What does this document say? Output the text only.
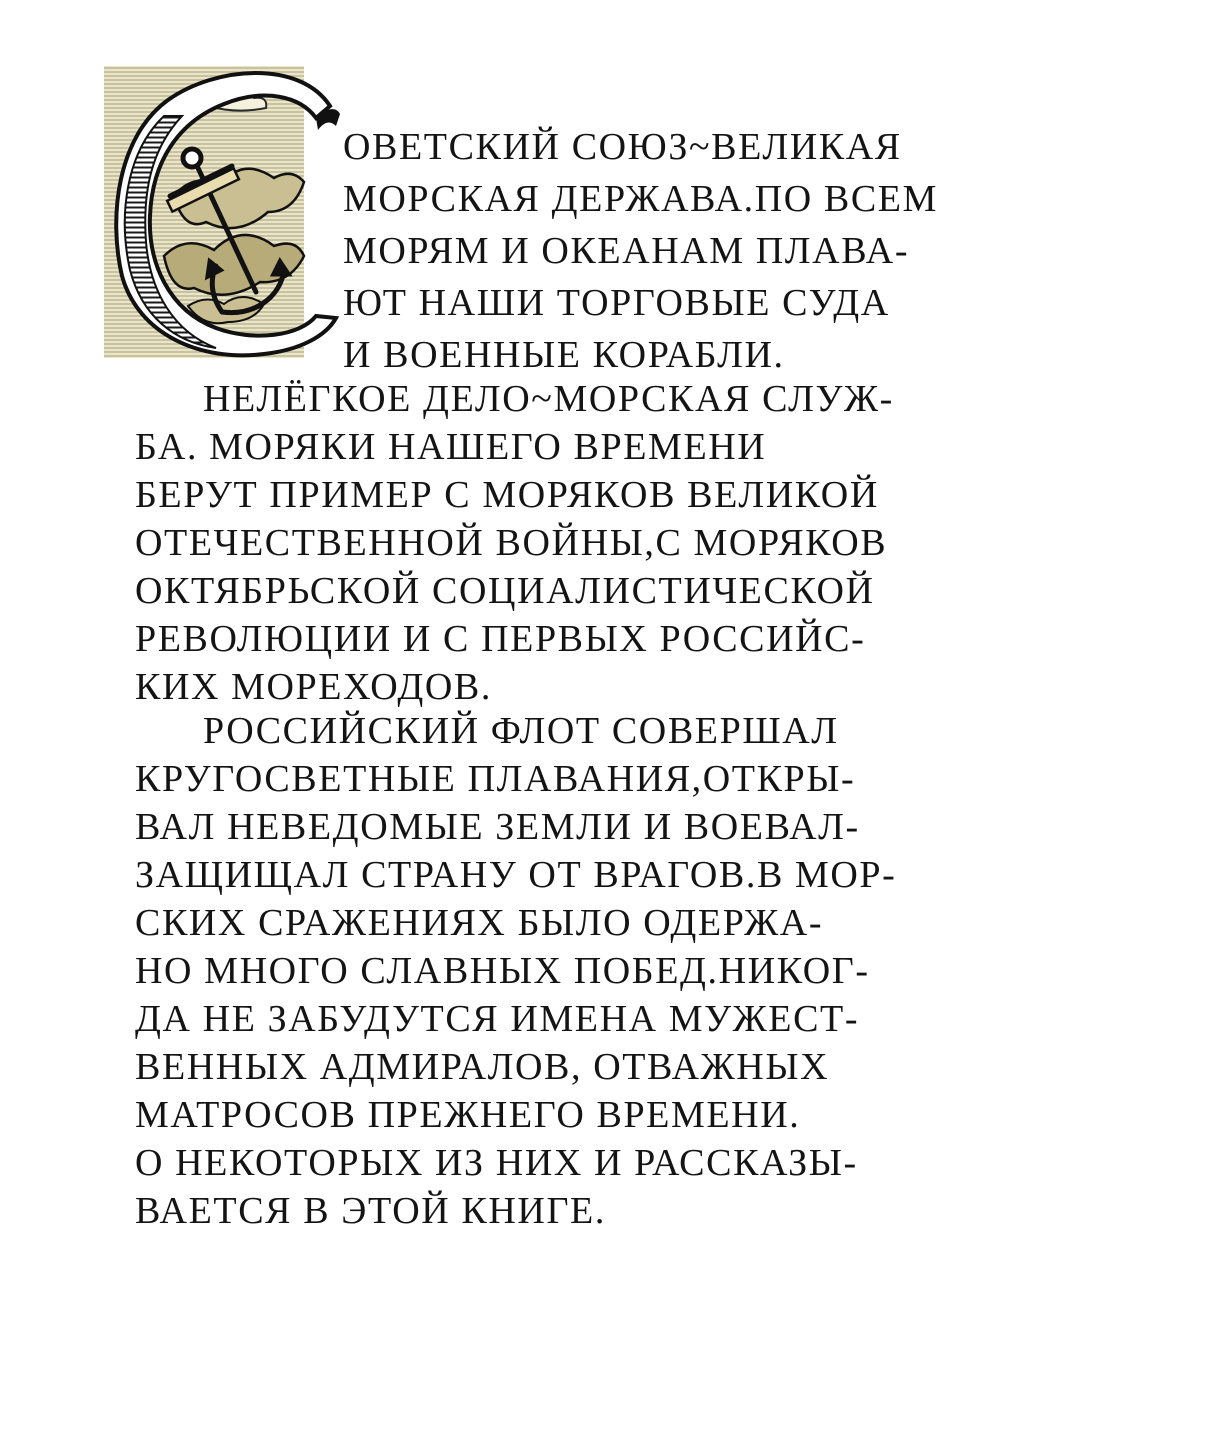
ОВЕТСКИЙ СОЮЗ~ВЕЛИКАЯ
МОРСКАЯ ДЕРЖАВА.ПО ВСЕМ
МОРЯМ И ОКЕАНАМ ПЛАВА-
ЮТ НАШИ ТОРГОВЫЕ СУДА
И ВОЕННЫЕ КОРАБЛИ.
НЕЛЁГКОЕ ДЕЛО~МОРСКАЯ СЛУЖ-
БА. МОРЯКИ НАШЕГО ВРЕМЕНИ
БЕРУТ ПРИМЕР С МОРЯКОВ ВЕЛИКОЙ
ОТЕЧЕСТВЕННОЙ ВОЙНЫ,С МОРЯКОВ
ОКТЯБРЬСКОЙ СОЦИАЛИСТИЧЕСКОЙ
РЕВОЛЮЦИИ И С ПЕРВЫХ РОССИЙС-
КИХ МОРЕХОДОВ.
РОССИЙСКИЙ ФЛОТ СОВЕРШАЛ
КРУГОСВЕТНЫЕ ПЛАВАНИЯ,ОТКРЫ-
ВАЛ НЕВЕДОМЫЕ ЗЕМЛИ И ВОЕВАЛ-
ЗАЩИЩАЛ СТРАНУ ОТ ВРАГОВ.В МОР-
СКИХ СРАЖЕНИЯХ БЫЛО ОДЕРЖА-
НО МНОГО СЛАВНЫХ ПОБЕД.НИКОГ-
ДА НЕ ЗАБУДУТСЯ ИМЕНА МУЖЕСТ-
ВЕННЫХ АДМИРАЛОВ, ОТВАЖНЫХ
МАТРОСОВ ПРЕЖНЕГО ВРЕМЕНИ.
О НЕКОТОРЫХ ИЗ НИХ И РАССКАЗЫ-
ВАЕТСЯ В ЭТОЙ КНИГЕ.
